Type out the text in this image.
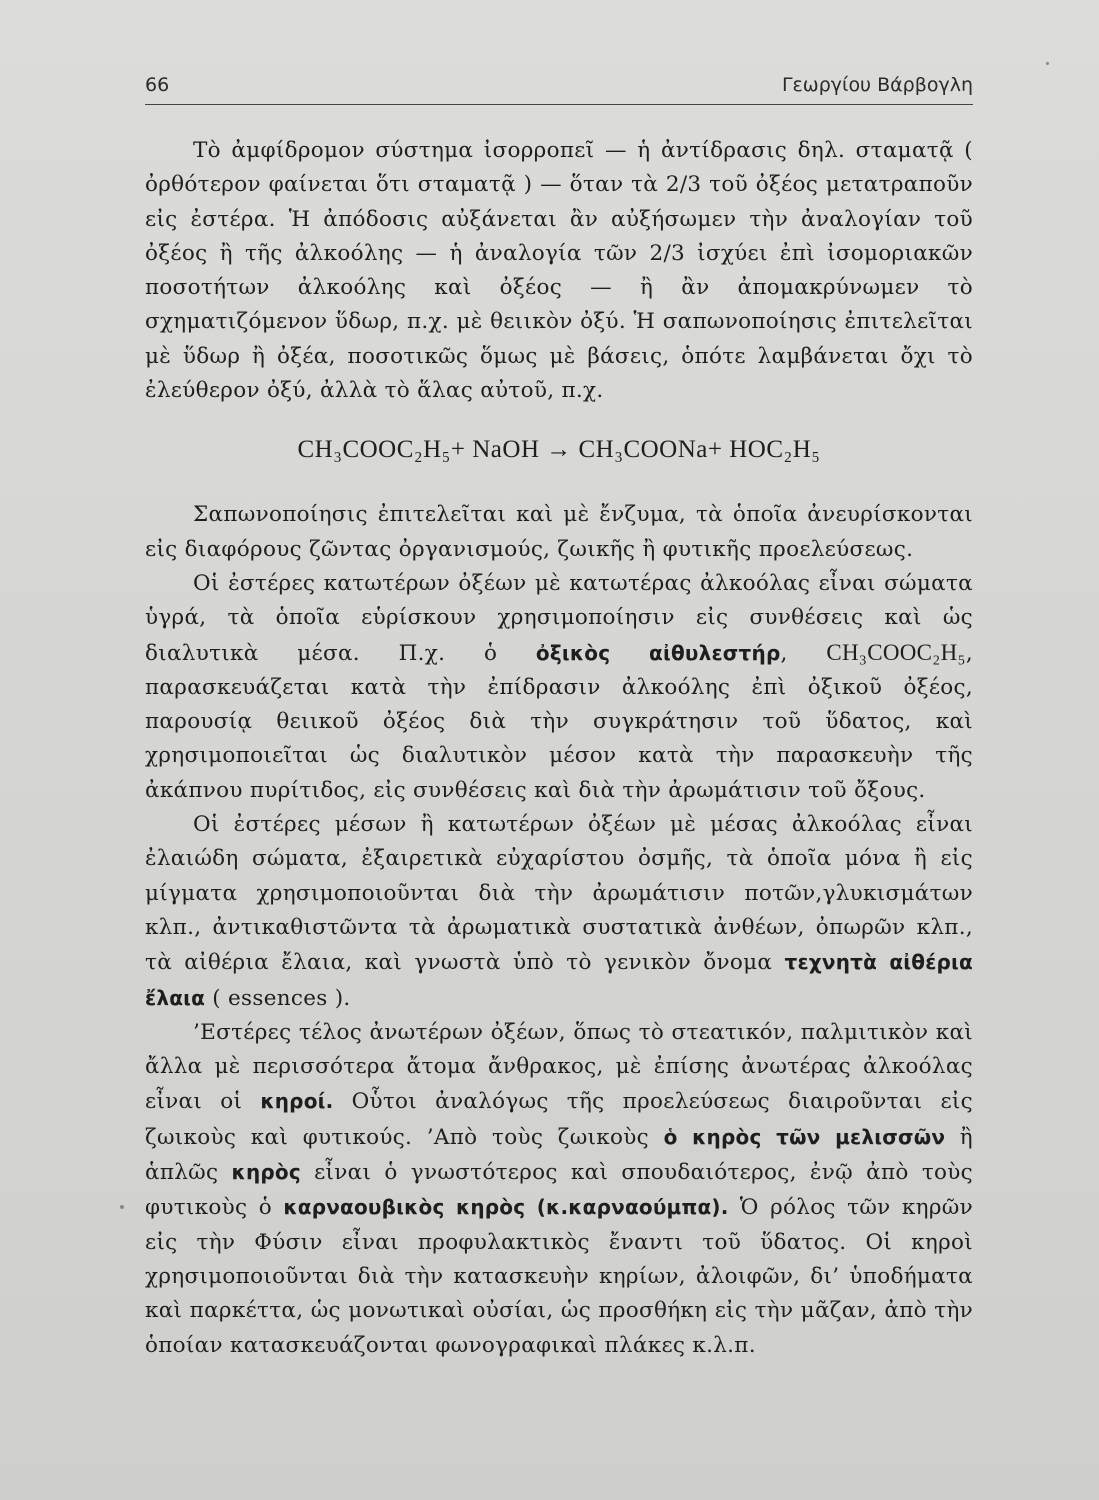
66	Γεωργίου Βάρβογλη

Τὸ ἀμφίδρομον σύστημα ἰσορροπεῖ — ἡ ἀντίδρασις δηλ. σταματᾷ ( ὀρθότερον φαίνεται ὅτι σταματᾷ ) — ὅταν τὰ 2/3 τοῦ ὀξέος μετατραποῦν εἰς ἐστέρα. Ἡ ἀπόδοσις αὐξάνεται ἂν αὐξήσωμεν τὴν ἀναλογίαν τοῦ ὀξέος ἢ τῆς ἀλκοόλης — ἡ ἀναλογία τῶν 2/3 ἰσχύει ἐπὶ ἰσομοριακῶν ποσοτήτων ἀλκοόλης καὶ ὀξέος — ἢ ἂν ἀπομακρύνωμεν τὸ σχηματιζόμενον ὕδωρ, π.χ. μὲ θειικὸν ὀξύ. Ἡ σαπωνοποίησις ἐπιτελεῖται μὲ ὕδωρ ἢ ὀξέα, ποσοτικῶς ὅμως μὲ βάσεις, ὁπότε λαμβάνεται ὄχι τὸ ἐλεύθερον ὀξύ, ἀλλὰ τὸ ἅλας αὐτοῦ, π.χ.

CH₃COOC₂H₅+ NaOH → CH₃COONa+ HOC₂H₅

Σαπωνοποίησις ἐπιτελεῖται καὶ μὲ ἔνζυμα, τὰ ὁποῖα ἀνευρίσκονται εἰς διαφόρους ζῶντας ὀργανισμούς, ζωικῆς ἢ φυτικῆς προελεύσεως.

Οἱ ἐστέρες κατωτέρων ὀξέων μὲ κατωτέρας ἀλκοόλας εἶναι σώματα ὑγρά, τὰ ὁποῖα εὑρίσκουν χρησιμοποίησιν εἰς συνθέσεις καὶ ὡς διαλυτικὰ μέσα. Π.χ. ὁ ὀξικὸς αἰθυλεστήρ, CH₃COOC₂H₅, παρασκευάζεται κατὰ τὴν ἐπίδρασιν ἀλκοόλης ἐπὶ ὀξικοῦ ὀξέος, παρουσίᾳ θειικοῦ ὀξέος διὰ τὴν συγκράτησιν τοῦ ὕδατος, καὶ χρησιμοποιεῖται ὡς διαλυτικὸν μέσον κατὰ τὴν παρασκευὴν τῆς ἀκάπνου πυρίτιδος, εἰς συνθέσεις καὶ διὰ τὴν ἀρωμάτισιν τοῦ ὄξους.

Οἱ ἐστέρες μέσων ἢ κατωτέρων ὀξέων μὲ μέσας ἀλκοόλας εἶναι ἐλαιώδη σώματα, ἐξαιρετικὰ εὐχαρίστου ὀσμῆς, τὰ ὁποῖα μόνα ἢ εἰς μίγματα χρησιμοποιοῦνται διὰ τὴν ἀρωμάτισιν ποτῶν,γλυκισμάτων κλπ., ἀντικαθιστῶντα τὰ ἀρωματικὰ συστατικὰ ἀνθέων, ὀπωρῶν κλπ., τὰ αἰθέρια ἔλαια, καὶ γνωστὰ ὑπὸ τὸ γενικὸν ὄνομα τεχνητὰ αἰθέρια ἔλαια ( essences ).

’Εστέρες τέλος ἀνωτέρων ὀξέων, ὅπως τὸ στεατικόν, παλμιτικὸν καὶ ἄλλα μὲ περισσότερα ἄτομα ἄνθρακος, μὲ ἐπίσης ἀνωτέρας ἀλκοόλας εἶναι οἱ κηροί. Οὗτοι ἀναλόγως τῆς προελεύσεως διαιροῦνται εἰς ζωικοὺς καὶ φυτικούς. ’Απὸ τοὺς ζωικοὺς ὁ κηρὸς τῶν μελισσῶν ἢ ἁπλῶς κηρὸς εἶναι ὁ γνωστότερος καὶ σπουδαιότερος, ἐνῷ ἀπὸ τοὺς φυτικοὺς ὁ καρναουβικὸς κηρὸς (κ.καρναούμπα). Ὁ ρόλος τῶν κηρῶν εἰς τὴν Φύσιν εἶναι προφυλακτικὸς ἔναντι τοῦ ὕδατος. Οἱ κηροὶ χρησιμοποιοῦνται διὰ τὴν κατασκευὴν κηρίων, ἀλοιφῶν, δι’ ὑποδήματα καὶ παρκέττα, ὡς μονωτικαὶ οὐσίαι, ὡς προσθήκη εἰς τὴν μᾶζαν, ἀπὸ τὴν ὁποίαν κατασκευάζονται φωνογραφικαὶ πλάκες κ.λ.π.
